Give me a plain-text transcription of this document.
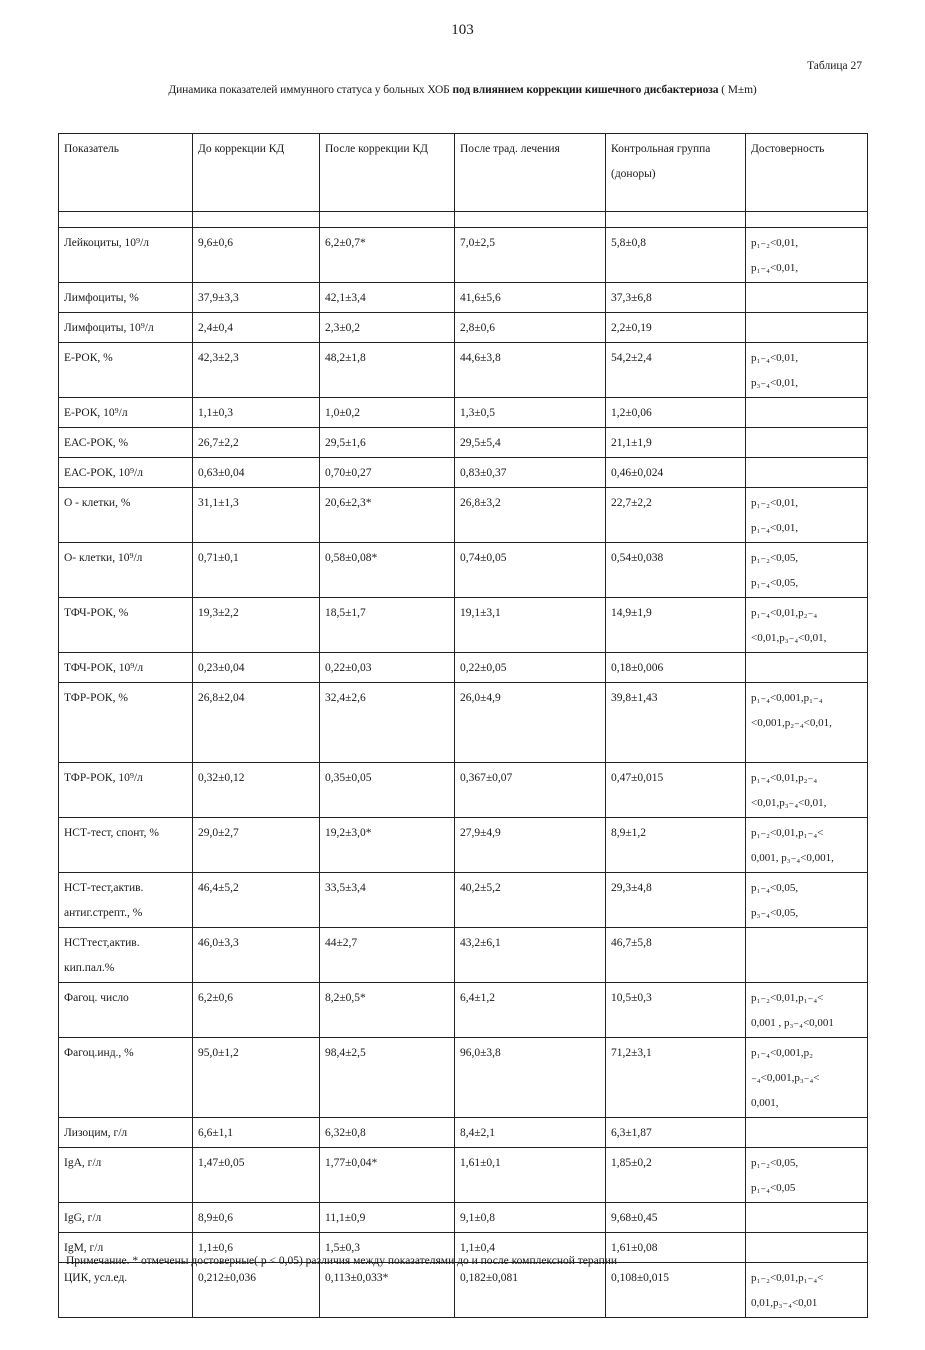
103
Таблица 27
Динамика показателей иммунного статуса у больных ХОБ под влиянием коррекции кишечного дисбактериоза ( M±m)
Показатель	До коррекции КД	После коррекции КД	После трад. лечения	Контрольная группа (доноры)	Достоверность

Лейкоциты, 10⁹/л	9,6±0,6	6,2±0,7*	7,0±2,5	5,8±0,8	p₁₋₂<0,01,
p₁₋₄<0,01,

Лимфоциты, %	37,9±3,3	42,1±3,4	41,6±5,6	37,3±6,8	
Лимфоциты, 10⁹/л	2,4±0,4	2,3±0,2	2,8±0,6	2,2±0,19	
Е-РОК, %	42,3±2,3	48,2±1,8	44,6±3,8	54,2±2,4	p₁₋₄<0,01,
p₃₋₄<0,01,

Е-РОК, 10⁹/л	1,1±0,3	1,0±0,2	1,3±0,5	1,2±0,06	
ЕАС-РОК, %	26,7±2,2	29,5±1,6	29,5±5,4	21,1±1,9	
ЕАС-РОК, 10⁹/л	0,63±0,04	0,70±0,27	0,83±0,37	0,46±0,024	
О - клетки, %	31,1±1,3	20,6±2,3*	26,8±3,2	22,7±2,2	p₁₋₂<0,01,
p₁₋₄<0,01,

О- клетки, 10⁹/л	0,71±0,1	0,58±0,08*	0,74±0,05	0,54±0,038	p₁₋₂<0,05,
p₁₋₄<0,05,

ТФЧ-РОК, %	19,3±2,2	18,5±1,7	19,1±3,1	14,9±1,9	p₁₋₄<0,01,p₂₋₄
<0,01,p₃₋₄<0,01,

ТФЧ-РОК, 10⁹/л	0,23±0,04	0,22±0,03	0,22±0,05	0,18±0,006	
ТФР-РОК, %	26,8±2,04	32,4±2,6	26,0±4,9	39,8±1,43	p₁₋₄<0,001,p₁₋₄
<0,001,p₂₋₄<0,01,

ТФР-РОК, 10⁹/л	0,32±0,12	0,35±0,05	0,367±0,07	0,47±0,015	p₁₋₄<0,01,p₂₋₄
<0,01,p₃₋₄<0,01,

НСТ-тест, спонт, %	29,0±2,7	19,2±3,0*	27,9±4,9	8,9±1,2	p₁₋₂<0,01,p₁₋₄<
0,001, p₃₋₄<0,001,

НСТ-тест,актив. антиг.стрепт., %	46,4±5,2	33,5±3,4	40,2±5,2	29,3±4,8	p₁₋₄<0,05,
p₃₋₄<0,05,

НСТтест,актив. кип.пал.%	46,0±3,3	44±2,7	43,2±6,1	46,7±5,8	
Фагоц. число	6,2±0,6	8,2±0,5*	6,4±1,2	10,5±0,3	p₁₋₂<0,01,p₁₋₄<
0,001 , p₃₋₄<0,001

Фагоц.инд., %	95,0±1,2	98,4±2,5	96,0±3,8	71,2±3,1	p₁₋₄<0,001,p₂
₋₄<0,001,p₃₋₄<
0,001,

Лизоцим, г/л	6,6±1,1	6,32±0,8	8,4±2,1	6,3±1,87	
IgA, г/л	1,47±0,05	1,77±0,04*	1,61±0,1	1,85±0,2	p₁₋₂<0,05,
p₁₋₄<0,05

IgG, г/л	8,9±0,6	11,1±0,9	9,1±0,8	9,68±0,45	
IgM, г/л	1,1±0,6	1,5±0,3	1,1±0,4	1,61±0,08	
ЦИК, усл.ед.	0,212±0,036	0,113±0,033*	0,182±0,081	0,108±0,015	p₁₋₂<0,01,p₁₋₄<
0,01,p₃₋₄<0,01
Примечание. * отмечены достоверные( p < 0,05) различия между показателями до и после комплексной терапии
